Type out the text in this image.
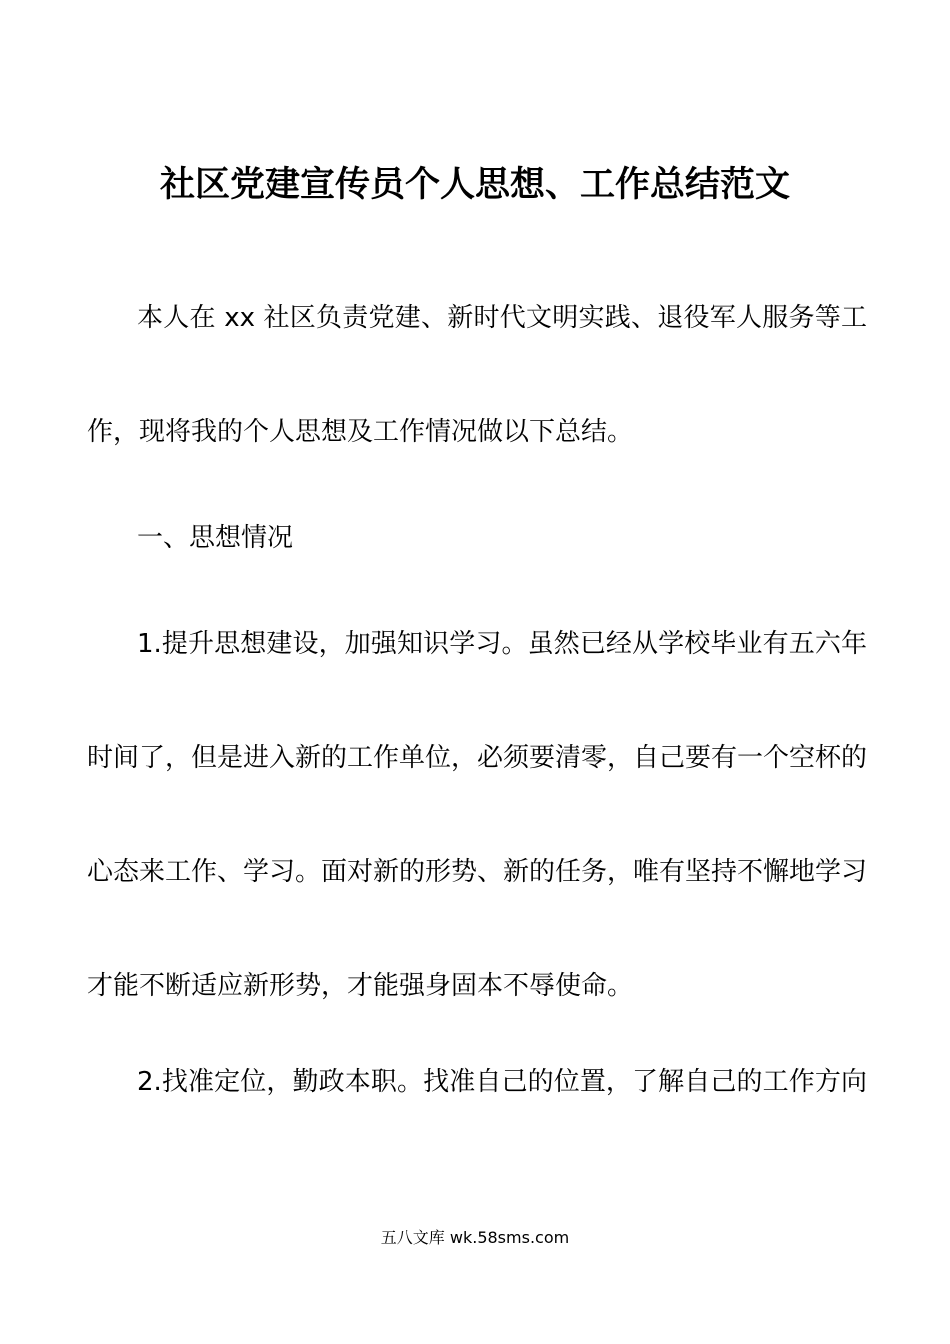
社区党建宣传员个人思想、工作总结范文
本人在 xx 社区负责党建、新时代文明实践、退役军人服务等工
作，现将我的个人思想及工作情况做以下总结。
一、思想情况
1.提升思想建设，加强知识学习。虽然已经从学校毕业有五六年
时间了，但是进入新的工作单位，必须要清零，自己要有一个空杯的
心态来工作、学习。面对新的形势、新的任务，唯有坚持不懈地学习
才能不断适应新形势，才能强身固本不辱使命。
2.找准定位，勤政本职。找准自己的位置，了解自己的工作方向
五八文库 wk.58sms.com
